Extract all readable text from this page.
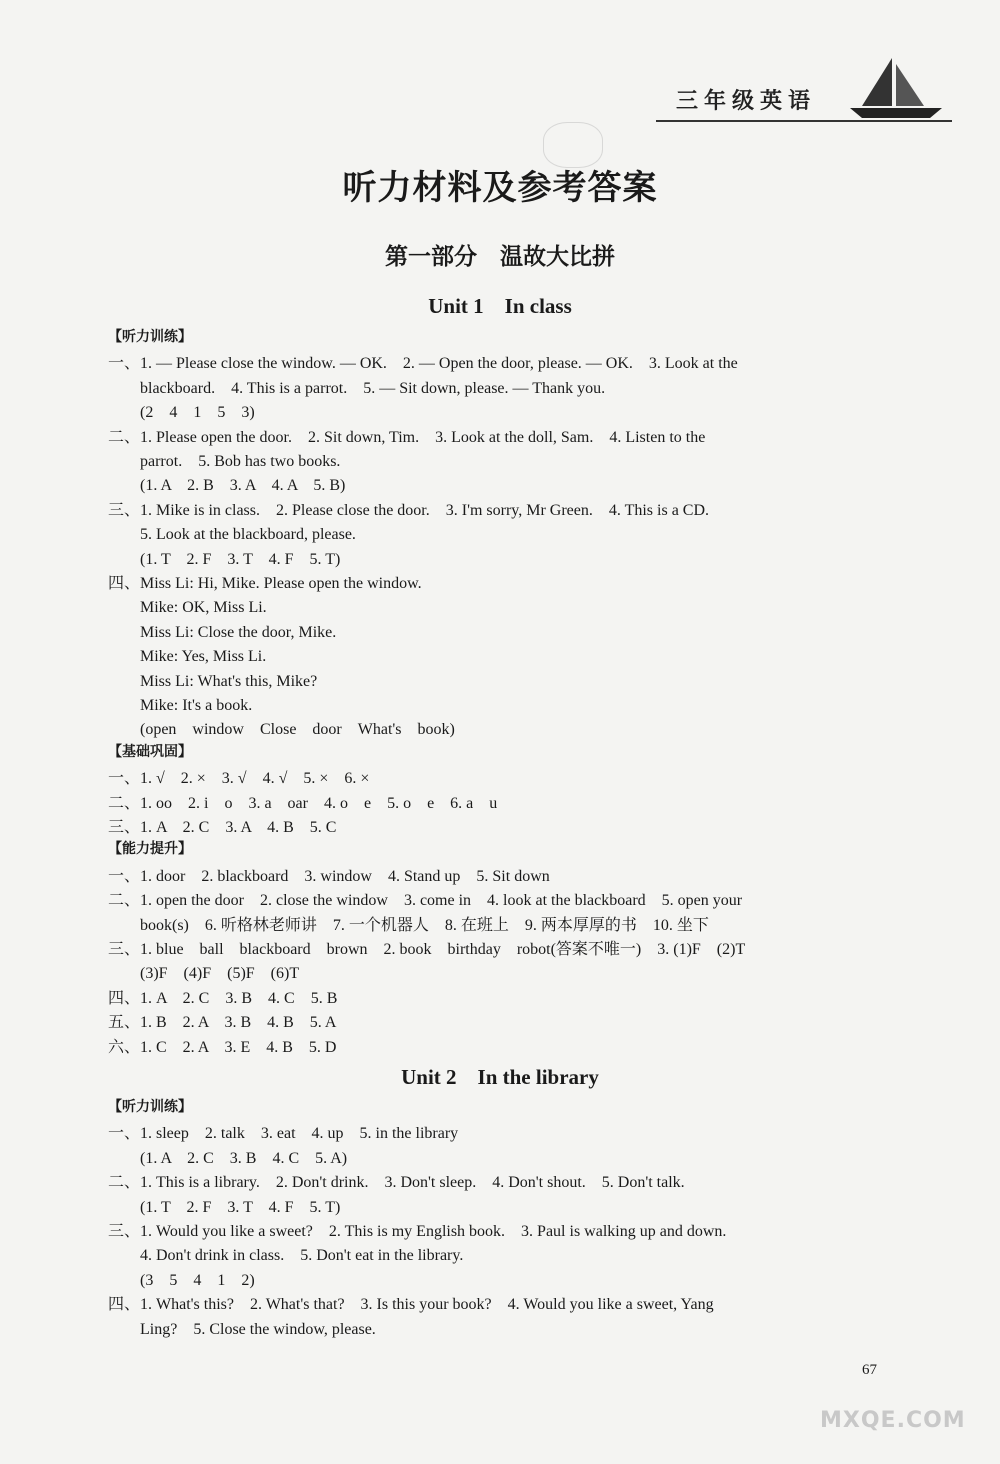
三年级英语
听力材料及参考答案
第一部分　温故大比拼
Unit 1　In class
【听力训练】
一、1. — Please close the window. — OK.　2. — Open the door, please. — OK.　3. Look at the
　　blackboard.　4. This is a parrot.　5. — Sit down, please. — Thank you.
　　(2　4　1　5　3)
二、1. Please open the door.　2. Sit down, Tim.　3. Look at the doll, Sam.　4. Listen to the
　　parrot.　5. Bob has two books.
　　(1. A　2. B　3. A　4. A　5. B)
三、1. Mike is in class.　2. Please close the door.　3. I'm sorry, Mr Green.　4. This is a CD.
　　5. Look at the blackboard, please.
　　(1. T　2. F　3. T　4. F　5. T)
四、Miss Li: Hi, Mike. Please open the window.
　　Mike: OK, Miss Li.
　　Miss Li: Close the door, Mike.
　　Mike: Yes, Miss Li.
　　Miss Li: What's this, Mike?
　　Mike: It's a book.
　　(open　window　Close　door　What's　book)
【基础巩固】
一、1. √　2. ×　3. √　4. √　5. ×　6. ×
二、1. oo　2. i　o　3. a　oar　4. o　e　5. o　e　6. a　u
三、1. A　2. C　3. A　4. B　5. C
【能力提升】
一、1. door　2. blackboard　3. window　4. Stand up　5. Sit down
二、1. open the door　2. close the window　3. come in　4. look at the blackboard　5. open your
　　book(s)　6. 听格林老师讲　7. 一个机器人　8. 在班上　9. 两本厚厚的书　10. 坐下
三、1. blue　ball　blackboard　brown　2. book　birthday　robot(答案不唯一)　3. (1)F　(2)T
　　(3)F　(4)F　(5)F　(6)T
四、1. A　2. C　3. B　4. C　5. B
五、1. B　2. A　3. B　4. B　5. A
六、1. C　2. A　3. E　4. B　5. D
Unit 2　In the library
【听力训练】
一、1. sleep　2. talk　3. eat　4. up　5. in the library
　　(1. A　2. C　3. B　4. C　5. A)
二、1. This is a library.　2. Don't drink.　3. Don't sleep.　4. Don't shout.　5. Don't talk.
　　(1. T　2. F　3. T　4. F　5. T)
三、1. Would you like a sweet?　2. This is my English book.　3. Paul is walking up and down.
　　4. Don't drink in class.　5. Don't eat in the library.
　　(3　5　4　1　2)
四、1. What's this?　2. What's that?　3. Is this your book?　4. Would you like a sweet, Yang
　　Ling?　5. Close the window, please.
67
MXQE.COM
